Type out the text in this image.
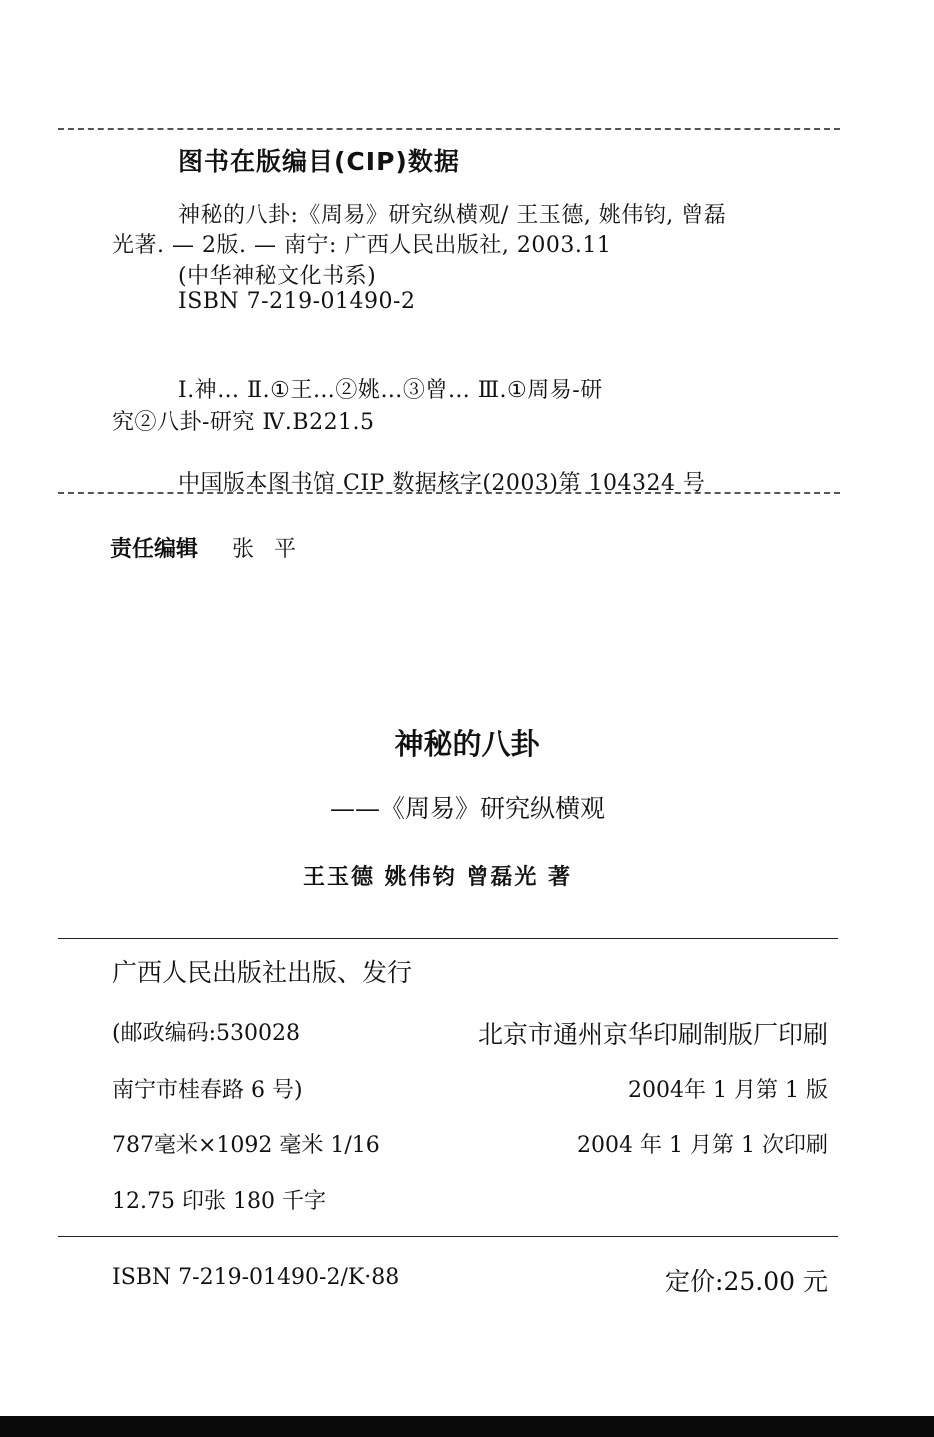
图书在版编目(CIP)数据
神秘的八卦:《周易》研究纵横观/ 王玉德, 姚伟钧, 曾磊
光著. — 2版. — 南宁: 广西人民出版社, 2003.11
(中华神秘文化书系)
ISBN 7-219-01490-2
Ⅰ.神… Ⅱ.①王…②姚…③曾… Ⅲ.①周易-研
究②八卦-研究 Ⅳ.B221.5
中国版本图书馆 CIP 数据核字(2003)第 104324 号
责任编辑 张平
神秘的八卦
——《周易》研究纵横观
王玉德 姚伟钧 曾磊光 著
广西人民出版社出版、发行
(邮政编码:530028	北京市通州京华印刷制版厂印刷
南宁市桂春路 6 号)	2004年 1 月第 1 版
787毫米×1092 毫米 1/16	2004 年 1 月第 1 次印刷
12.75 印张 180 千字
ISBN 7-219-01490-2/K·88	定价:25.00 元
